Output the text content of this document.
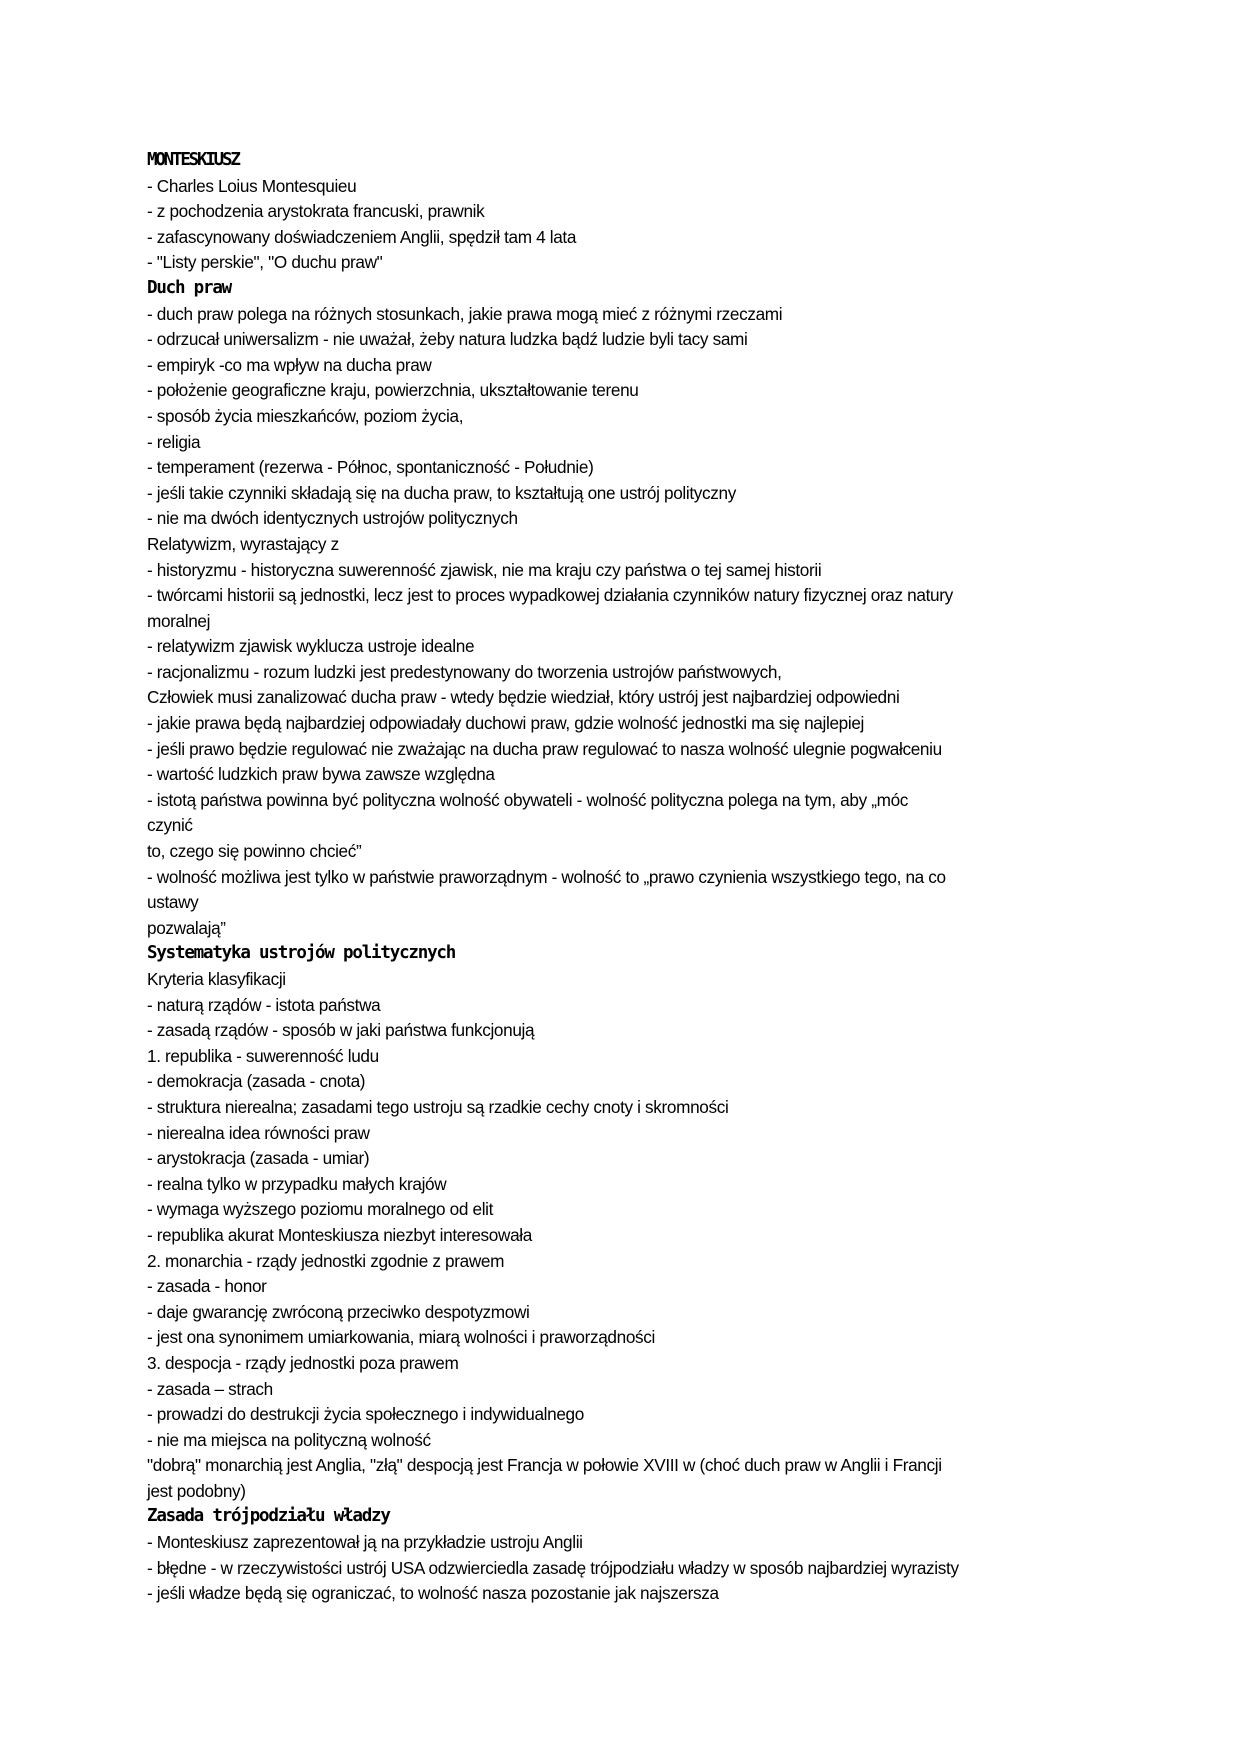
MONTESKIUSZ
- Charles Loius Montesquieu
- z pochodzenia arystokrata francuski, prawnik
- zafascynowany doświadczeniem Anglii, spędził tam 4 lata
- "Listy perskie", "O duchu praw"
Duch praw
- duch praw polega na różnych stosunkach, jakie prawa mogą mieć z różnymi rzeczami
- odrzucał uniwersalizm - nie uważał, żeby natura ludzka bądź ludzie byli tacy sami
- empiryk -co ma wpływ na ducha praw
- położenie geograficzne kraju, powierzchnia, ukształtowanie terenu
- sposób życia mieszkańców, poziom życia,
- religia
- temperament (rezerwa - Północ, spontaniczność - Południe)
- jeśli takie czynniki składają się na ducha praw, to kształtują one ustrój polityczny
- nie ma dwóch identycznych ustrojów politycznych
Relatywizm, wyrastający z
- historyzmu - historyczna suwerenność zjawisk, nie ma kraju czy państwa o tej samej historii
- twórcami historii są jednostki, lecz jest to proces wypadkowej działania czynników natury fizycznej oraz natury
moralnej
- relatywizm zjawisk wyklucza ustroje idealne
- racjonalizmu - rozum ludzki jest predestynowany do tworzenia ustrojów państwowych,
Człowiek musi zanalizować ducha praw - wtedy będzie wiedział, który ustrój jest najbardziej odpowiedni
- jakie prawa będą najbardziej odpowiadały duchowi praw, gdzie wolność jednostki ma się najlepiej
- jeśli prawo będzie regulować nie zważając na ducha praw regulować to nasza wolność ulegnie pogwałceniu
- wartość ludzkich praw bywa zawsze względna
- istotą państwa powinna być polityczna wolność obywateli - wolność polityczna polega na tym, aby „móc
czynić
to, czego się powinno chcieć”
- wolność możliwa jest tylko w państwie praworządnym - wolność to „prawo czynienia wszystkiego tego, na co
ustawy
pozwalają”
Systematyka ustrojów politycznych
Kryteria klasyfikacji
- naturą rządów - istota państwa
- zasadą rządów - sposób w jaki państwa funkcjonują
1. republika - suwerenność ludu
- demokracja (zasada - cnota)
- struktura nierealna; zasadami tego ustroju są rzadkie cechy cnoty i skromności
- nierealna idea równości praw
- arystokracja (zasada - umiar)
- realna tylko w przypadku małych krajów
- wymaga wyższego poziomu moralnego od elit
- republika akurat Monteskiusza niezbyt interesowała
2. monarchia - rządy jednostki zgodnie z prawem
- zasada - honor
- daje gwarancję zwróconą przeciwko despotyzmowi
- jest ona synonimem umiarkowania, miarą wolności i praworządności
3. despocja - rządy jednostki poza prawem
- zasada – strach
- prowadzi do destrukcji życia społecznego i indywidualnego
- nie ma miejsca na polityczną wolność
"dobrą" monarchią jest Anglia, "złą" despocją jest Francja w połowie XVIII w (choć duch praw w Anglii i Francji
jest podobny)
Zasada trójpodziału władzy
- Monteskiusz zaprezentował ją na przykładzie ustroju Anglii
- błędne - w rzeczywistości ustrój USA odzwierciedla zasadę trójpodziału władzy w sposób najbardziej wyrazisty
- jeśli władze będą się ograniczać, to wolność nasza pozostanie jak najszersza
